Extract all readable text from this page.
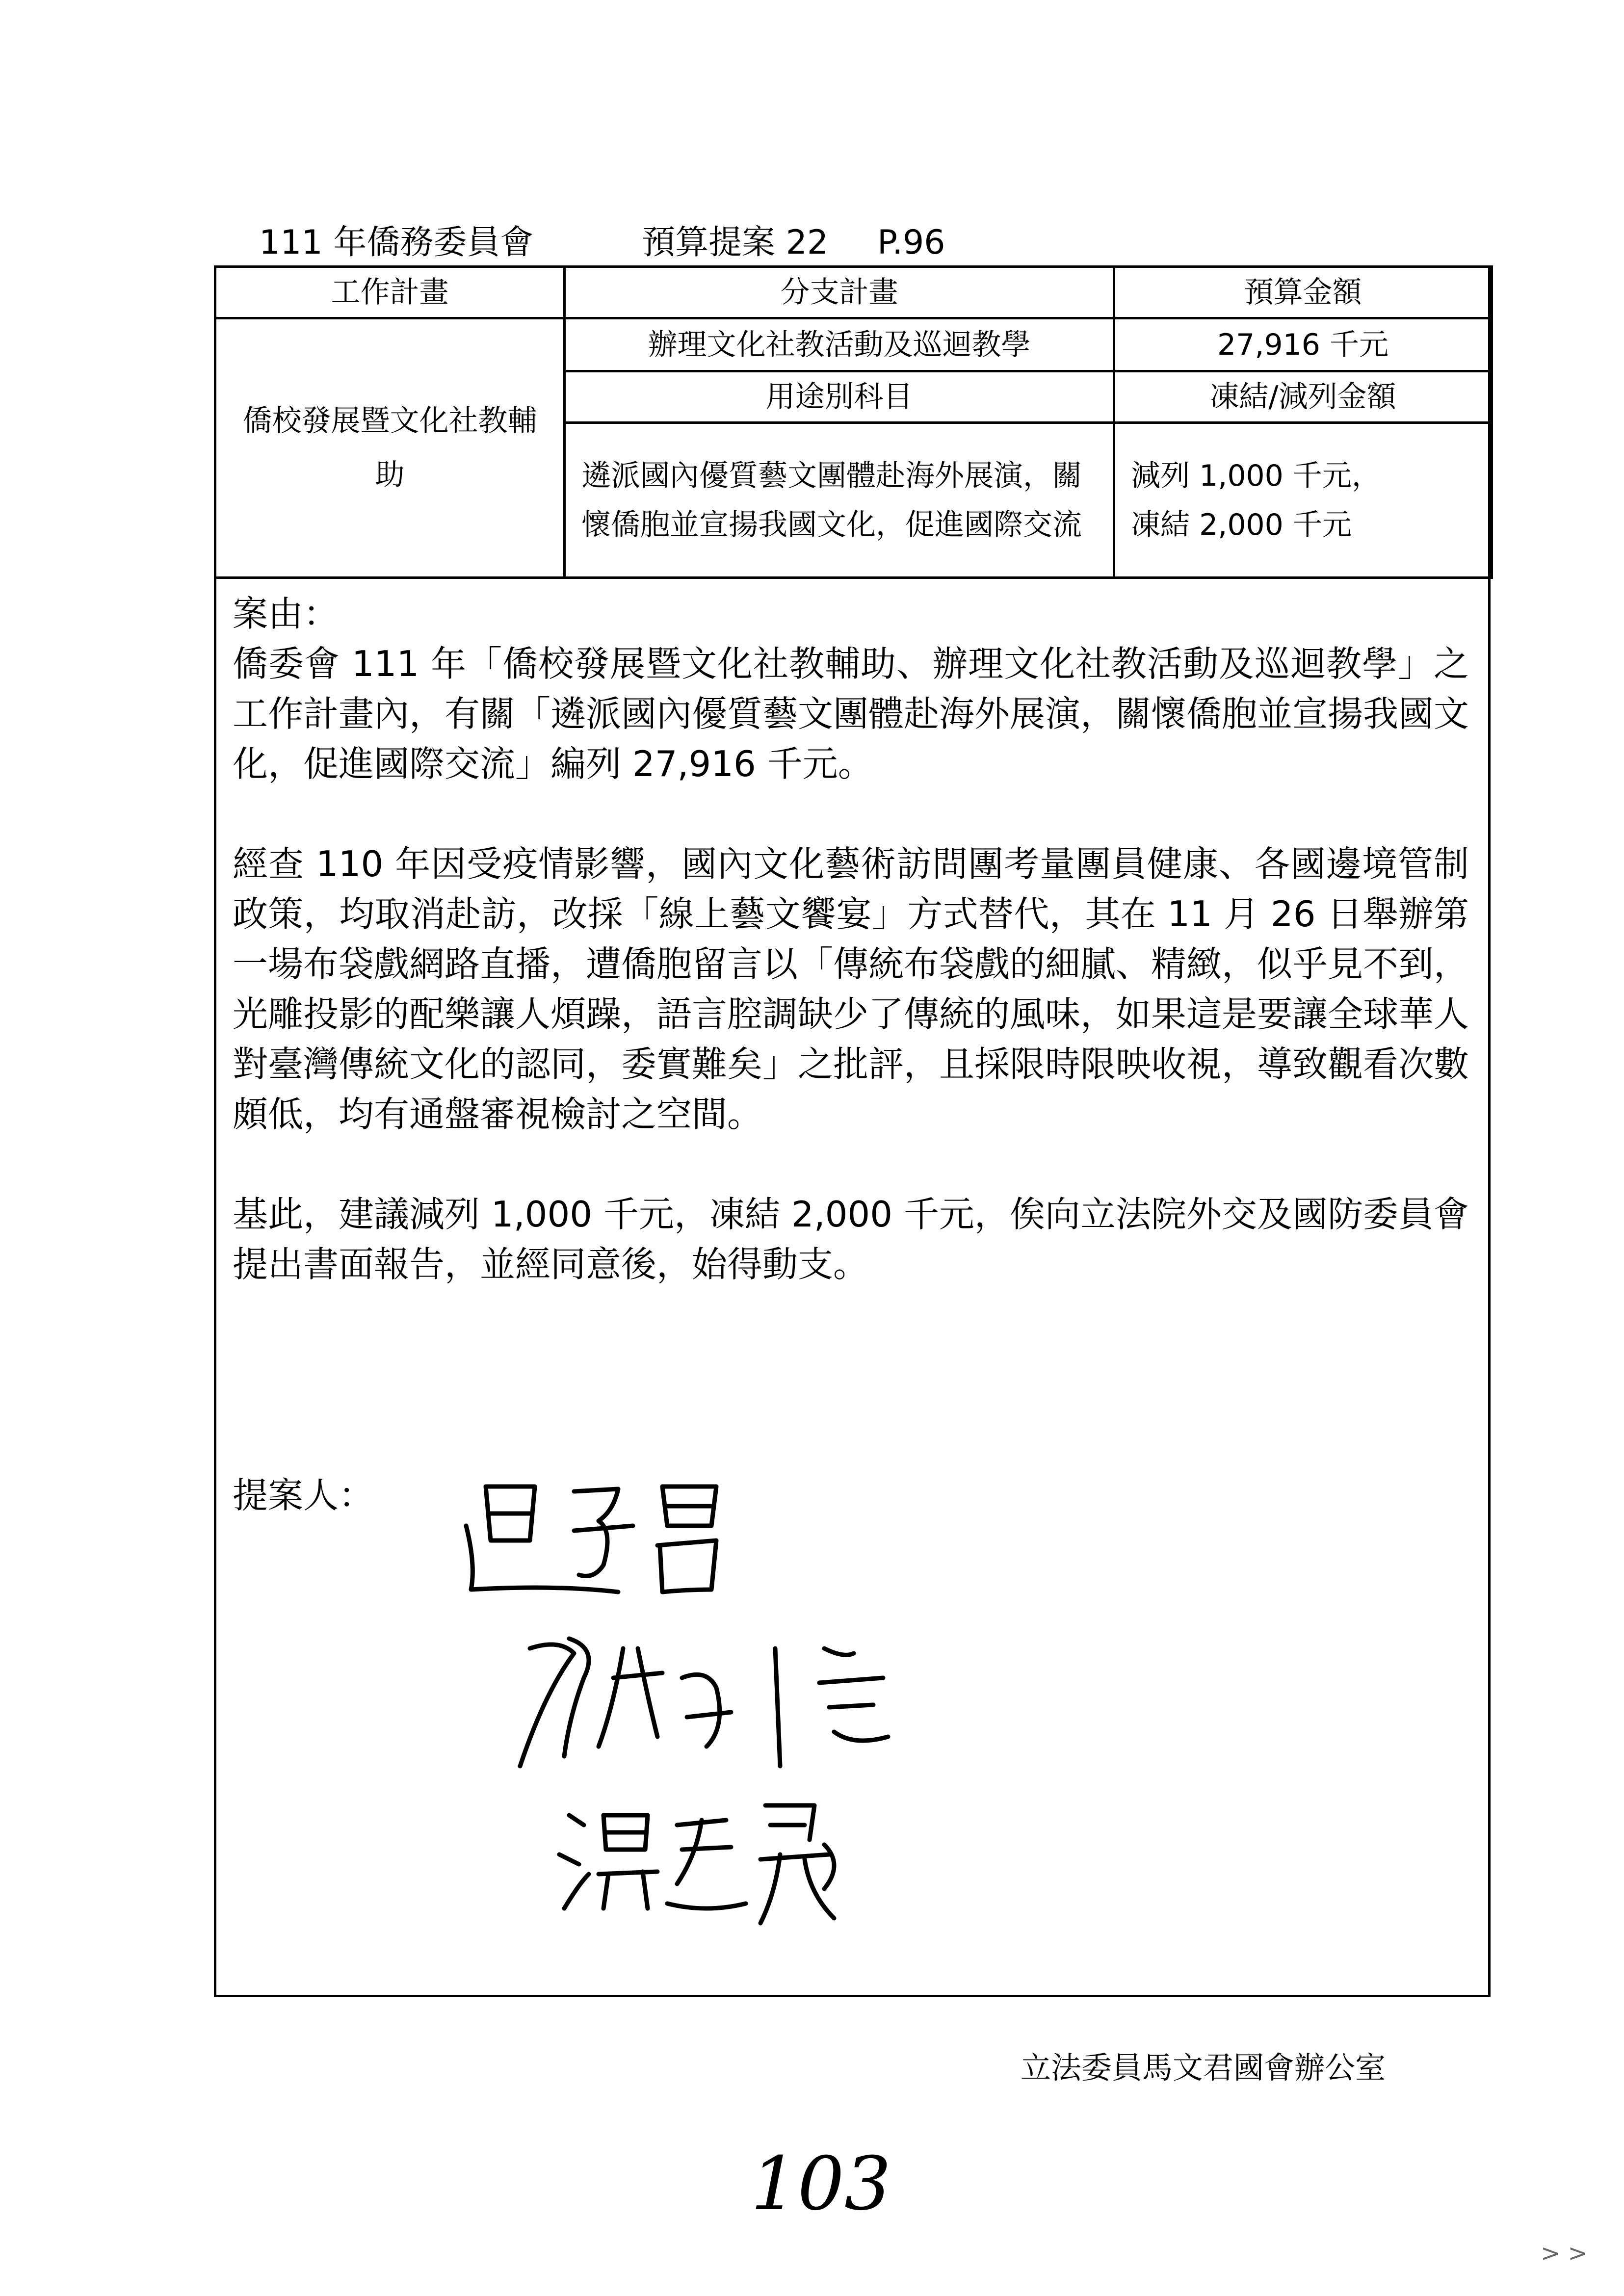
111 年僑務委員會	預算提案 22 P.96
工作計畫	分支計畫	預算金額

僑校發展暨文化社教輔助	辦理文化社教活動及巡迴教學	27,916 千元
	用途別科目	凍結/減列金額
	遴派國內優質藝文團體赴海外展演，關懷僑胞並宣揚我國文化，促進國際交流	減列 1,000 千元，
凍結 2,000 千元

案由：

僑委會 111 年「僑校發展暨文化社教輔助、辦理文化社教活動及巡迴教學」之工作計畫內，有關「遴派國內優質藝文團體赴海外展演，關懷僑胞並宣揚我國文化，促進國際交流」編列 27,916 千元。

經查 110 年因受疫情影響，國內文化藝術訪問團考量團員健康、各國邊境管制政策，均取消赴訪，改採「線上藝文饗宴」方式替代，其在 11 月 26 日舉辦第一場布袋戲網路直播，遭僑胞留言以「傳統布袋戲的細膩、精緻，似乎見不到，光雕投影的配樂讓人煩躁，語言腔調缺少了傳統的風味，如果這是要讓全球華人對臺灣傳統文化的認同，委實難矣」之批評，且採限時限映收視，導致觀看次數頗低，均有通盤審視檢討之空間。

基此，建議減列 1,000 千元，凍結 2,000 千元，俟向立法院外交及國防委員會提出書面報告，並經同意後，始得動支。

提案人：
立法委員馬文君國會辦公室
103
> >
